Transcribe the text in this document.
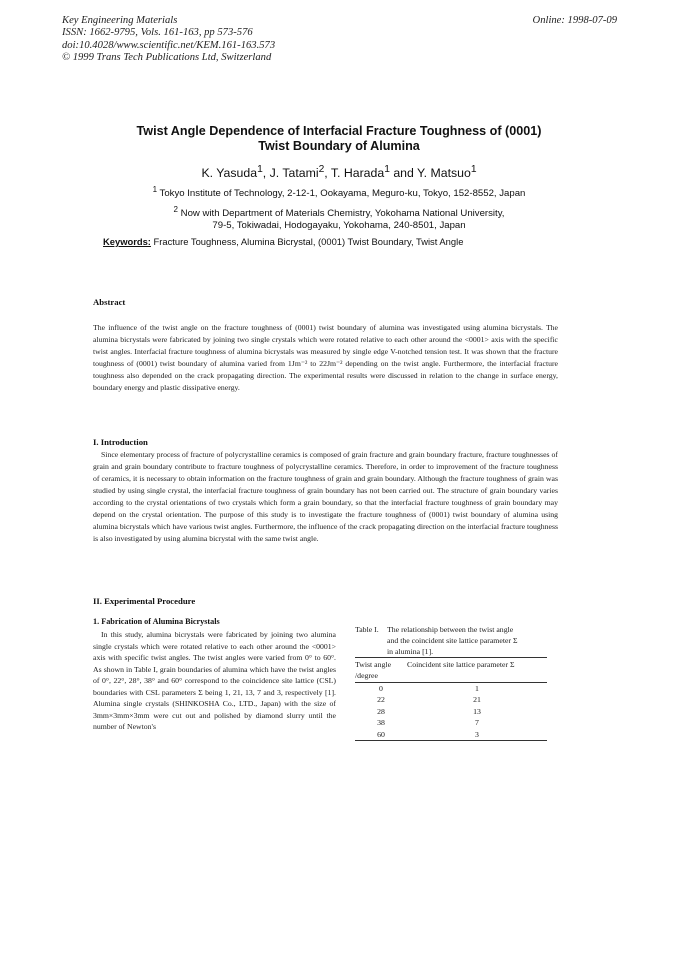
Key Engineering Materials
ISSN: 1662-9795, Vols. 161-163, pp 573-576
doi:10.4028/www.scientific.net/KEM.161-163.573
© 1999 Trans Tech Publications Ltd, Switzerland
Online: 1998-07-09
Twist Angle Dependence of Interfacial Fracture Toughness of (0001)
Twist Boundary of Alumina
K. Yasuda$^1$, J. Tatami$^2$, T. Harada$^1$ and Y. Matsuo$^1$
$^1$ Tokyo Institute of Technology, 2-12-1, Ookayama, Meguro-ku, Tokyo, 152-8552, Japan
$^2$ Now with Department of Materials Chemistry, Yokohama National University,
79-5, Tokiwadai, Hodogayaku, Yokohama, 240-8501, Japan
Keywords: Fracture Toughness, Alumina Bicrystal, (0001) Twist Boundary, Twist Angle
Abstract
The influence of the twist angle on the fracture toughness of (0001) twist boundary of alumina was investigated using alumina bicrystals. The alumina bicrystals were fabricated by joining two single crystals which were rotated relative to each other around the <0001> axis with the specific twist angles. Interfacial fracture toughness of alumina bicrystals was measured by single edge V-notched tension test. It was shown that the fracture toughness of (0001) twist boundary of alumina varied from 1Jm⁻² to 22Jm⁻² depending on the twist angle. Furthermore, the interfacial fracture toughness also depended on the crack propagating direction. The experimental results were discussed in relation to the change in surface energy, boundary energy and plastic dissipative energy.
I. Introduction
Since elementary process of fracture of polycrystalline ceramics is composed of grain fracture and grain boundary fracture, fracture toughnesses of grain and grain boundary contribute to fracture toughness of polycrystalline ceramics. Therefore, in order to improvement of the fracture toughness of ceramics, it is necessary to obtain information on the fracture toughness of grain and grain boundary. Although the fracture toughness of grain was studied by using single crystal, the interfacial fracture toughness of grain boundary has not been carried out. The structure of grain boundary varies according to the crystal orientations of two crystals which form a grain boundary, so that the interfacial fracture toughness of grain boundary may depend on the crystal orientation. The purpose of this study is to investigate the fracture toughness of (0001) twist boundary of alumina using alumina bicrystals which have various twist angles. Furthermore, the influence of the crack propagating direction on the interfacial fracture toughness is also investigated by using alumina bicrystal with the same twist angle.
II. Experimental Procedure
1. Fabrication of Alumina Bicrystals
In this study, alumina bicrystals were fabricated by joining two alumina single crystals which were rotated relative to each other around the <0001> axis with specific twist angles. The twist angles were varied from 0° to 60°. As shown in Table I, grain boundaries of alumina which have the twist angles of 0°, 22°, 28°, 38° and 60° correspond to the coincidence site lattice (CSL) boundaries with CSL parameters Σ being 1, 21, 13, 7 and 3, respectively [1]. Alumina single crystals (SHINKOSHA Co., LTD., Japan) with the size of 3mm×3mm×3mm were cut out and polished by diamond slurry until the number of Newton's
Table I. The relationship between the twist angle
and the coincident site lattice parameter Σ
in alumina [1].
Twist angle	Coincident site lattice parameter Σ
/degree	
0	1
22	21
28	13
38	7
60	3
